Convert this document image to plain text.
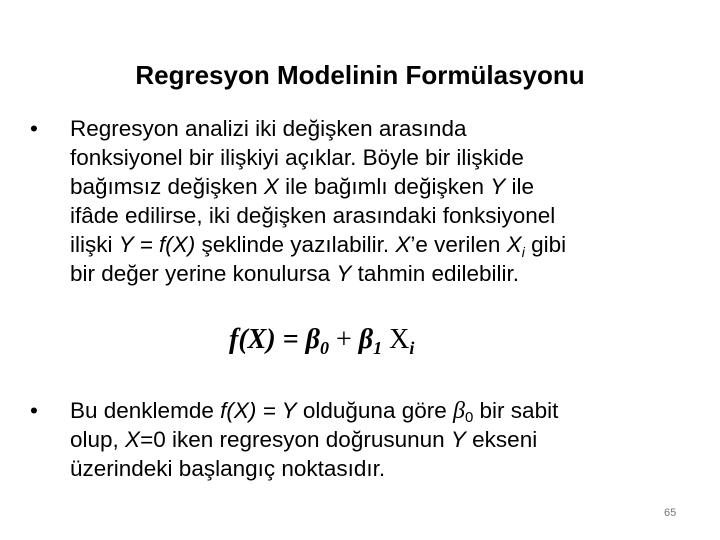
Regresyon Modelinin Formülasyonu
• Regresyon analizi iki değişken arasında
fonksiyonel bir ilişkiyi açıklar. Böyle bir ilişkide
bağımsız değişken X ile bağımlı değişken Y ile
ifâde edilirse, iki değişken arasındaki fonksiyonel
ilişki Y = f(X) şeklinde yazılabilir. X’e verilen $X_i$ gibi
bir değer yerine konulursa Y tahmin edilebilir.
$f(X) = \beta_0 + \beta_1$ $X_i$
• Bu denklemde f(X) = Y olduğuna göre β0 bir sabit
olup, X=0 iken regresyon doğrusunun Y ekseni
üzerindeki başlangıç noktasıdır.
65
